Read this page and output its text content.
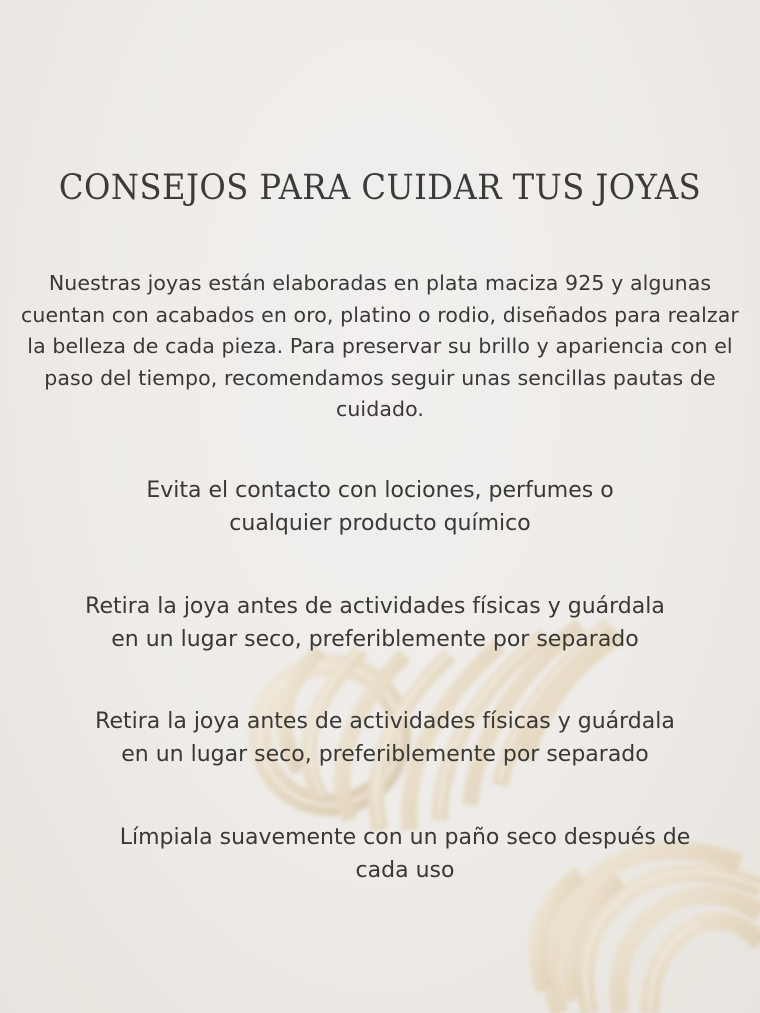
CONSEJOS PARA CUIDAR TUS JOYAS

Nuestras joyas están elaboradas en plata maciza 925 y algunas cuentan con acabados en oro, platino o rodio, diseñados para realzar la belleza de cada pieza. Para preservar su brillo y apariencia con el paso del tiempo, recomendamos seguir unas sencillas pautas de cuidado.

Evita el contacto con lociones, perfumes o
cualquier producto químico

Retira la joya antes de actividades físicas y guárdala
en un lugar seco, preferiblemente por separado

Retira la joya antes de actividades físicas y guárdala
en un lugar seco, preferiblemente por separado

Límpiala suavemente con un paño seco después de
cada uso
